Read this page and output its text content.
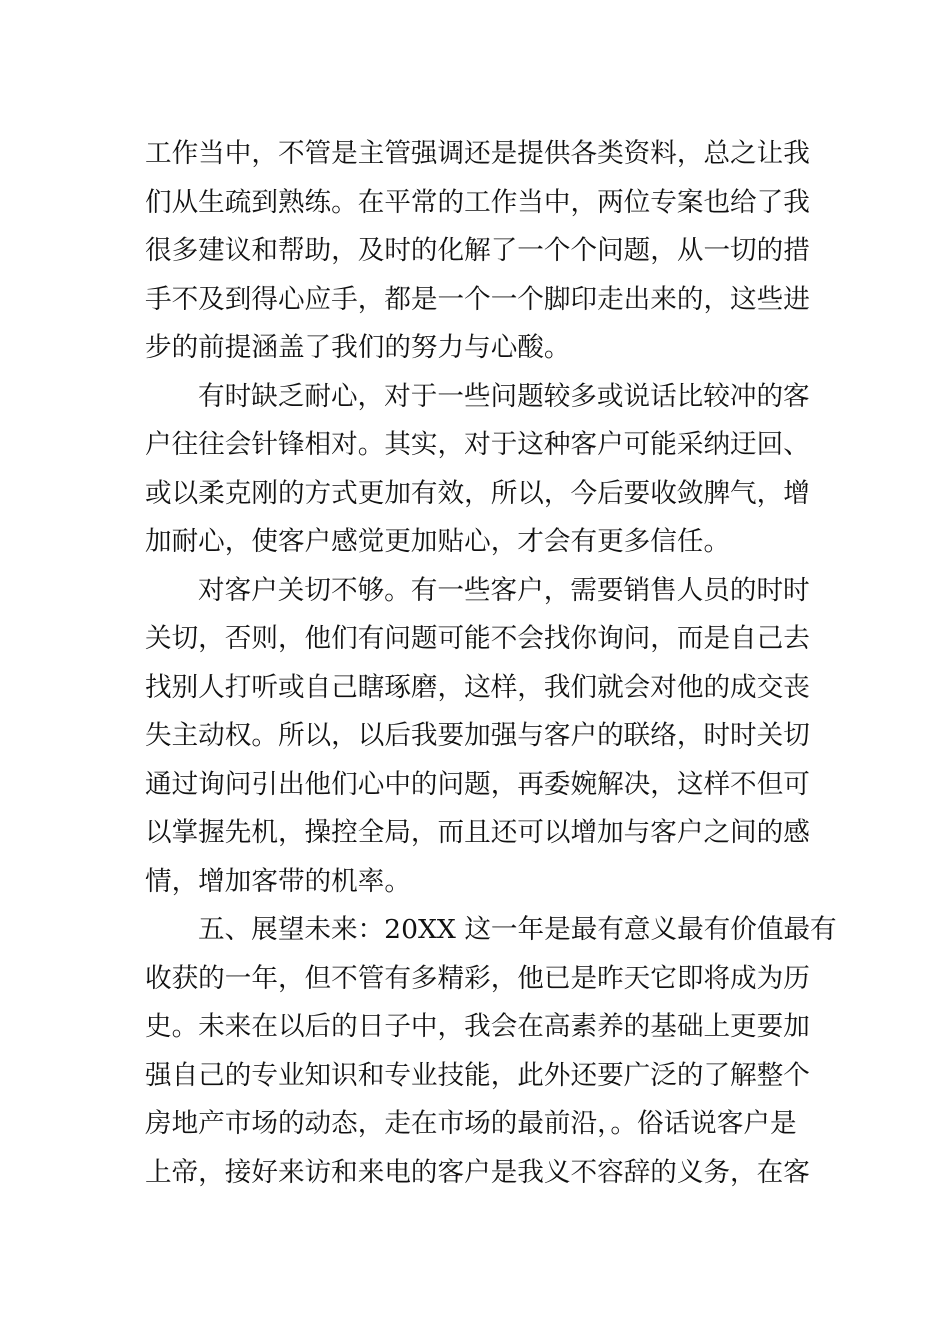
工作当中，不管是主管强调还是提供各类资料，总之让我
们从生疏到熟练。在平常的工作当中，两位专案也给了我
很多建议和帮助，及时的化解了一个个问题，从一切的措
手不及到得心应手，都是一个一个脚印走出来的，这些进
步的前提涵盖了我们的努力与心酸。

有时缺乏耐心，对于一些问题较多或说话比较冲的客
户往往会针锋相对。其实，对于这种客户可能采纳迂回、
或以柔克刚的方式更加有效，所以，今后要收敛脾气，增
加耐心，使客户感觉更加贴心，才会有更多信任。

对客户关切不够。有一些客户，需要销售人员的时时
关切，否则，他们有问题可能不会找你询问，而是自己去
找别人打听或自己瞎琢磨，这样，我们就会对他的成交丧
失主动权。所以，以后我要加强与客户的联络，时时关切
通过询问引出他们心中的问题，再委婉解决，这样不但可
以掌握先机，操控全局，而且还可以增加与客户之间的感
情，增加客带的机率。

五、展望未来：20XX 这一年是最有意义最有价值最有
收获的一年，但不管有多精彩，他已是昨天它即将成为历
史。未来在以后的日子中，我会在高素养的基础上更要加
强自己的专业知识和专业技能，此外还要广泛的了解整个
房地产市场的动态，走在市场的最前沿，。俗话说客户是
上帝，接好来访和来电的客户是我义不容辞的义务，在客
